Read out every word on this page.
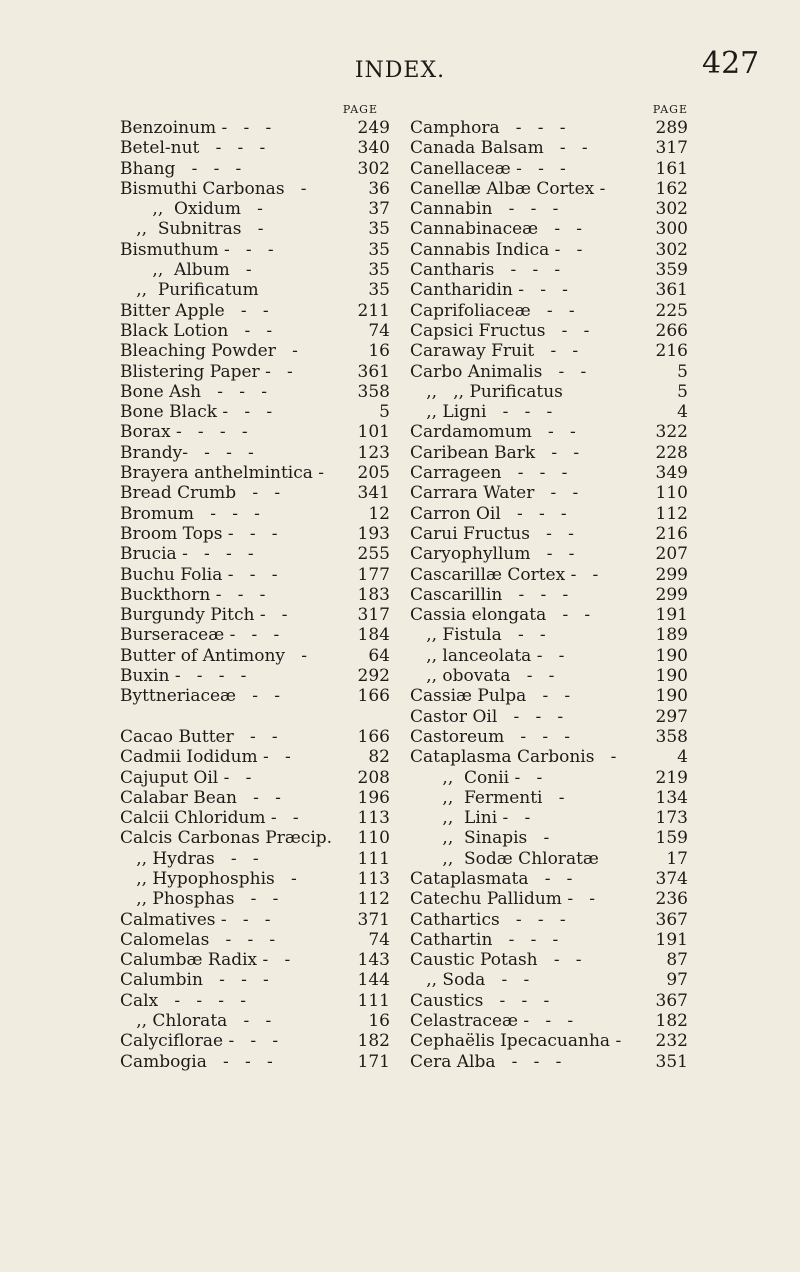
INDEX.	427
PAGE
Benzoinum -   -   -	249
Betel-nut   -   -   -	340
Bhang   -   -   -	302
Bismuthi Carbonas   -	36
,,  Oxidum   -	37
,,  Subnitras   -	35
Bismuthum -   -   -	35
,,  Album   -	35
,,  Purificatum	35
Bitter Apple   -   -	211
Black Lotion   -   -	74
Bleaching Powder   -	16
Blistering Paper -   -	361
Bone Ash   -   -   -	358
Bone Black -   -   -	5
Borax -   -   -   -	101
Brandy-   -   -   -	123
Brayera anthelmintica - 205
Bread Crumb   -   -	341
Bromum   -   -   -	12
Broom Tops -   -   -	193
Brucia -   -   -   -	255
Buchu Folia -   -   -	177
Buckthorn -   -   -	183
Burgundy Pitch -   -	317
Burseraceæ -   -   -	184
Butter of Antimony   -	64
Buxin -   -   -   -	292
Byttneriaceæ   -   -	166
Cacao Butter   -   -	166
Cadmii Iodidum -   -	82
Cajuput Oil -   -	208
Calabar Bean   -   -	196
Calcii Chloridum -   -	113
Calcis Carbonas Præcip. 110
,, Hydras   -   -	111
,, Hypophosphis   -	113
,, Phosphas   -   -	112
Calmatives -   -   -	371
Calomelas   -   -   -	74
Calumbæ Radix -   -	143
Calumbin   -   -   -	144
Calx   -   -   -   -	111
,, Chlorata   -   -	16
Calyciflorae -   -   -	182
Cambogia   -   -   -	171
PAGE
Camphora   -   -   -	289
Canada Balsam   -   -	317
Canellaceæ -   -   -	161
Canellæ Albæ Cortex -	162
Cannabin   -   -   -	302
Cannabinaceæ   -   -	300
Cannabis Indica -   -	302
Cantharis   -   -   -	359
Cantharidin -   -   -	361
Caprifoliaceæ   -   -	225
Capsici Fructus   -   -	266
Caraway Fruit   -   -	216
Carbo Animalis   -   -	5
,,   ,, Purificatus	5
,, Ligni   -   -   -	4
Cardamomum   -   -	322
Caribean Bark   -   -	228
Carrageen   -   -   -	349
Carrara Water   -   -	110
Carron Oil   -   -   -	112
Carui Fructus   -   -	216
Caryophyllum   -   -	207
Cascarillæ Cortex -   -	299
Cascarillin   -   -   -	299
Cassia elongata   -   -	191
,, Fistula   -   -	189
,, lanceolata -   -	190
,, obovata   -   -	190
Cassiæ Pulpa   -   -	190
Castor Oil   -   -   -	297
Castoreum   -   -   -	358
Cataplasma Carbonis   -	4
,,  Conii -   -	219
,,  Fermenti   -	134
,,  Lini -   -	173
,,  Sinapis   -	159
,,  Sodæ Chloratæ	17
Cataplasmata   -   -	374
Catechu Pallidum -   -	236
Cathartics   -   -   -	367
Cathartin   -   -   -	191
Caustic Potash   -   -	87
,, Soda   -   -	97
Caustics   -   -   -	367
Celastraceæ -   -   -	182
Cephaëlis Ipecacuanha - 232
Cera Alba   -   -   -	351
